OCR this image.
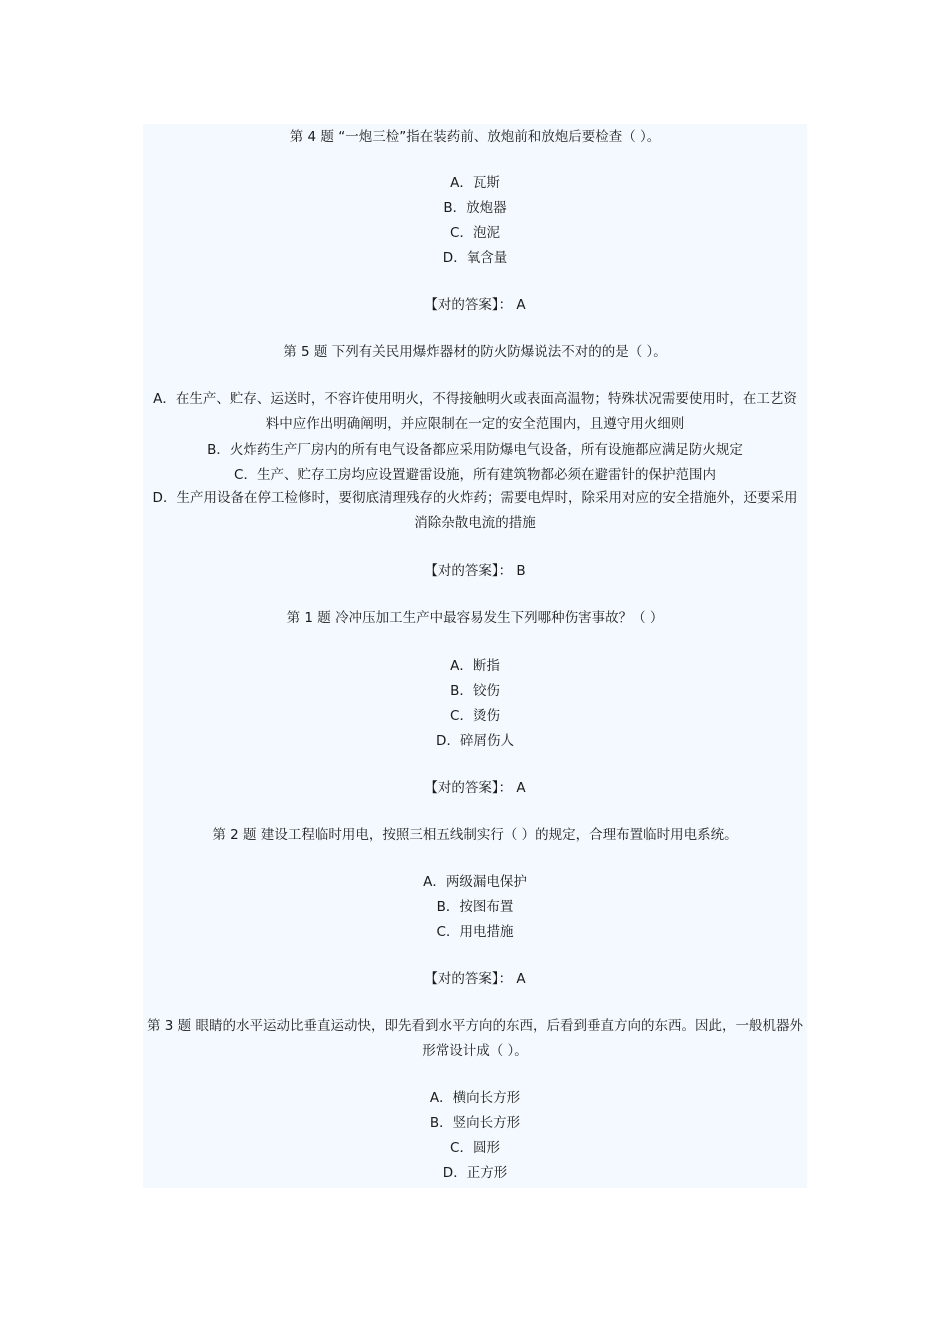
第 4 题 “一炮三检”指在装药前、放炮前和放炮后要检查（ ）。
A．瓦斯
B．放炮器
C．泡泥
D．氧含量
【对的答案】： A
第 5 题 下列有关民用爆炸器材的防火防爆说法不对的的是（ ）。
A．在生产、贮存、运送时，不容许使用明火，不得接触明火或表面高温物；特殊状况需要使用时，在工艺资料中应作出明确阐明，并应限制在一定的安全范围内，且遵守用火细则
B．火炸药生产厂房内的所有电气设备都应采用防爆电气设备，所有设施都应满足防火规定
C．生产、贮存工房均应设置避雷设施，所有建筑物都必须在避雷针的保护范围内
D．生产用设备在停工检修时，要彻底清理残存的火炸药；需要电焊时，除采用对应的安全措施外，还要采用消除杂散电流的措施
【对的答案】： B
第 1 题 冷冲压加工生产中最容易发生下列哪种伤害事故？（ ）
A．断指
B．铰伤
C．烫伤
D．碎屑伤人
【对的答案】： A
第 2 题 建设工程临时用电，按照三相五线制实行（ ）的规定，合理布置临时用电系统。
A．两级漏电保护
B．按图布置
C．用电措施
【对的答案】： A
第 3 题 眼睛的水平运动比垂直运动快，即先看到水平方向的东西，后看到垂直方向的东西。因此，一般机器外形常设计成（ ）。
A．横向长方形
B．竖向长方形
C．圆形
D．正方形
